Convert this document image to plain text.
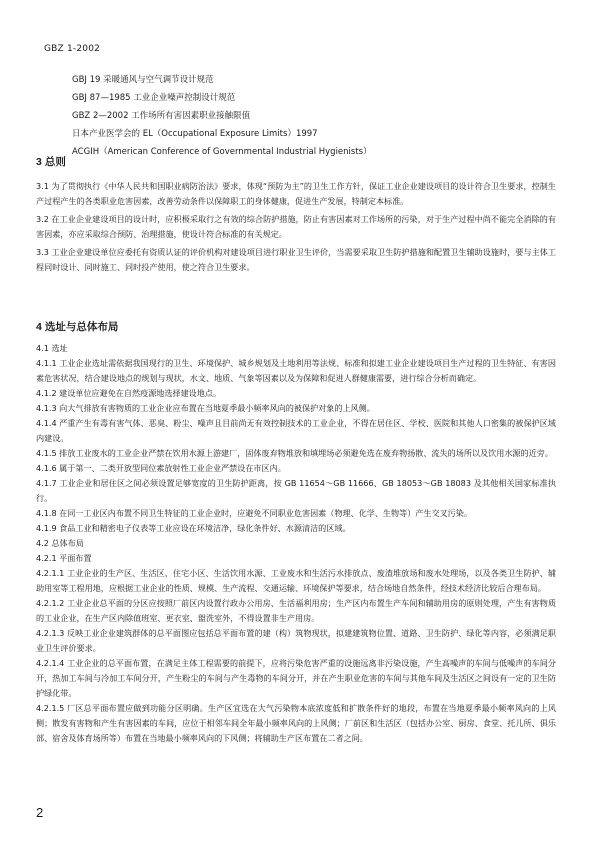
GBZ 1-2002
GBJ 19 采暖通风与空气调节设计规范
GBJ 87—1985 工业企业噪声控制设计规范
GBZ 2—2002 工作场所有害因素职业接触限值
日本产业医学会的 EL（Occupational Exposure Limits）1997
ACGIH（American Conference of Governmental Industrial Hygienists）
3 总则

3.1 为了贯彻执行《中华人民共和国职业病防治法》要求，体现“预防为主”的卫生工作方针，保证工业企业建设项目的设计符合卫生要求，控制生产过程产生的各类职业危害因素，改善劳动条件以保障职工的身体健康，促进生产发展，特制定本标准。

3.2 在工业企业建设项目的设计时，应积极采取行之有效的综合防护措施，防止有害因素对工作场所的污染，对于生产过程中尚不能完全消除的有害因素，亦应采取综合预防、治理措施，使设计符合标准的有关规定。

3.3 工业企业建设单位应委托有资质认证的评价机构对建设项目进行职业卫生评价，当需要采取卫生防护措施和配置卫生辅助设施时，要与主体工程同时设计、同时施工、同时投产使用，使之符合卫生要求。

4 选址与总体布局

4.1 选址

4.1.1 工业企业选址需依据我国现行的卫生、环境保护、城乡规划及土地利用等法规、标准和拟建工业企业建设项目生产过程的卫生特征、有害因素危害状况，结合建设地点的规划与现状，水文、地质、气象等因素以及为保障和促进人群健康需要，进行综合分析而确定。

4.1.2 建设单位应避免在自然疫源地选择建设地点。

4.1.3 向大气排放有害物质的工业企业应布置在当地夏季最小频率风向的被保护对象的上风侧。

4.1.4 严重产生有毒有害气体、恶臭、粉尘、噪声且目前尚无有效控制技术的工业企业，不得在居住区、学校、医院和其他人口密集的被保护区域内建设。

4.1.5 排放工业废水的工业企业严禁在饮用水源上游建厂，固体废弃物堆放和填埋场必须避免选在废弃物扬散、流失的场所以及饮用水源的近旁。

4.1.6 属于第一、二类开放型同位素放射性工业企业严禁设在市区内。

4.1.7 工业企业和居住区之间必须设置足够宽度的卫生防护距离，按 GB 11654～GB 11666、GB 18053～GB 18083 及其他相关国家标准执行。

4.1.8 在同一工业区内布置不同卫生特征的工业企业时，应避免不同职业危害因素（物理、化学、生物等）产生交叉污染。

4.1.9 食品工业和精密电子仪表等工业应设在环境洁净，绿化条件好、水源清洁的区域。

4.2 总体布局

4.2.1 平面布置

4.2.1.1 工业企业的生产区、生活区，住宅小区、生活饮用水源、工业废水和生活污水排放点、废渣堆放场和废水处理场，以及各类卫生防护、辅助用室等工程用地，应根据工业企业的性质、规模、生产流程、交通运输、环境保护等要求，结合场地自然条件，经技术经济比较后合理布局。

4.2.1.2 工业企业总平面的分区应按照厂前区内设置行政办公用房、生活福利用房；生产区内布置生产车间和辅助用房的原则处理，产生有害物质的工业企业，在生产区内除值班室、更衣室、盥洗室外，不得设置非生产用房。

4.2.1.3 反映工业企业建筑群体的总平面图应包括总平面布置的建（构）筑物现状，拟建建筑物位置、道路、卫生防护、绿化等内容，必须满足职业卫生评价要求。

4.2.1.4 工业企业的总平面布置，在满足主体工程需要的前提下，应将污染危害严重的设施远离非污染设施，产生高噪声的车间与低噪声的车间分开，热加工车间与冷加工车间分开，产生粉尘的车间与产生毒物的车间分开，并在产生职业危害的车间与其他车间及生活区之间设有一定的卫生防护绿化带。

4.2.1.5 厂区总平面布置应做到功能分区明确。生产区宜选在大气污染物本底浓度低和扩散条件好的地段，布置在当地夏季最小频率风向的上风侧；散发有害物和产生有害因素的车间，应位于相邻车间全年最小频率风向的上风侧；厂前区和生活区（包括办公室、厨房、食堂、托儿所、俱乐部、宿舍及体育场所等）布置在当地最小频率风向的下风侧；将辅助生产区布置在二者之间。

2
